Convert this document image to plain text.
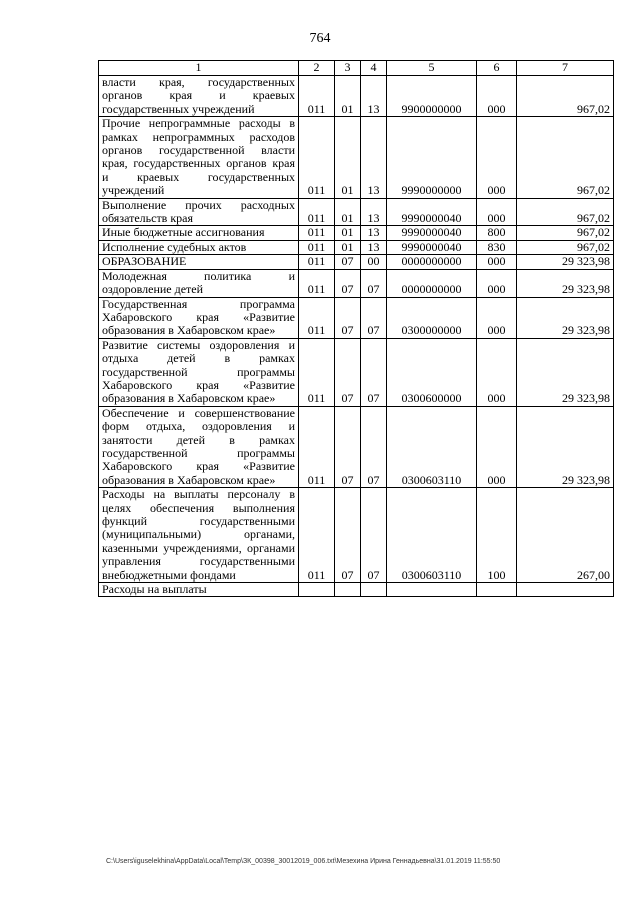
764
1	2	3	4	5	6	7
власти края, государственных органов края и краевых государственных учреждений	011	01	13	9900000000	000	967,02
Прочие непрограммные расходы в рамках непрограммных расходов органов государственной власти края, государственных органов края и краевых государственных учреждений	011	01	13	9990000000	000	967,02
Выполнение прочих расходных обязательств края	011	01	13	9990000040	000	967,02
Иные бюджетные ассигнования	011	01	13	9990000040	800	967,02
Исполнение судебных актов	011	01	13	9990000040	830	967,02
ОБРАЗОВАНИЕ	011	07	00	0000000000	000	29 323,98
Молодежная политика и оздоровление детей	011	07	07	0000000000	000	29 323,98
Государственная программа Хабаровского края «Развитие образования в Хабаровском крае»	011	07	07	0300000000	000	29 323,98
Развитие системы оздоровления и отдыха детей в рамках государственной программы Хабаровского края «Развитие образования в Хабаровском крае»	011	07	07	0300600000	000	29 323,98
Обеспечение и совершенствование форм отдыха, оздоровления и занятости детей в рамках государственной программы Хабаровского края «Развитие образования в Хабаровском крае»	011	07	07	0300603110	000	29 323,98
Расходы на выплаты персоналу в целях обеспечения выполнения функций государственными (муниципальными) органами, казенными учреждениями, органами управления государственными внебюджетными фондами	011	07	07	0300603110	100	267,00
Расходы на выплаты						
C:\Users\iguselekhina\AppData\Local\Temp\ЗК_00398_30012019_006.txt\Мезехина Ирина Геннадьевна\31.01.2019 11:55:50
